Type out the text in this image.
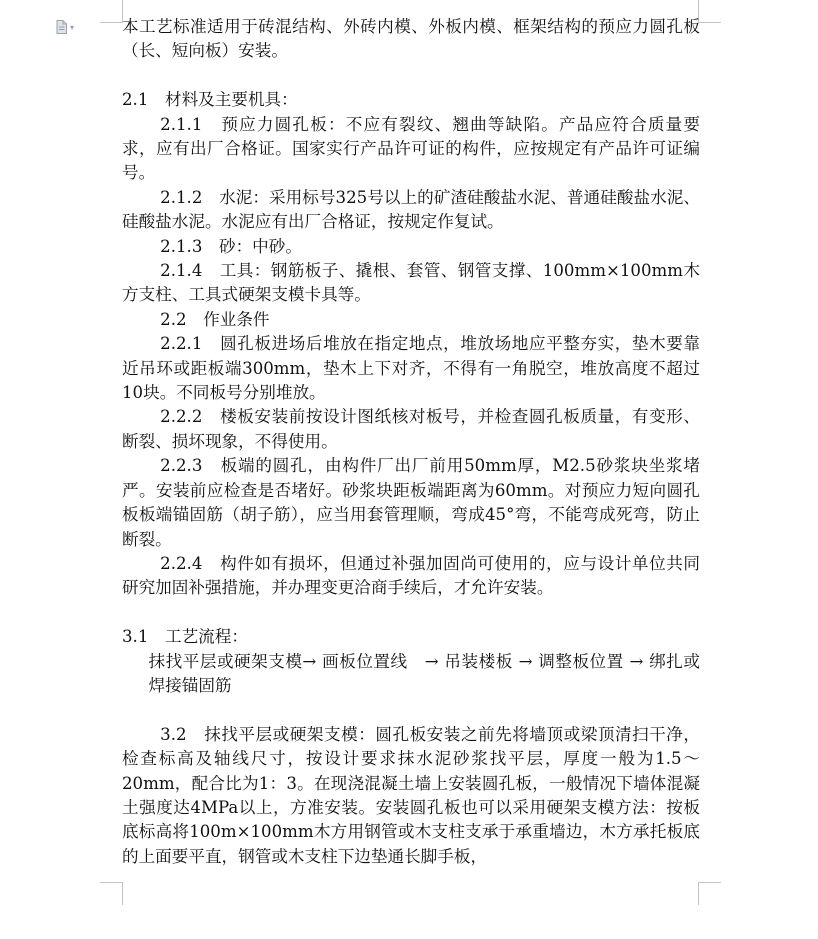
▾	本工艺标准适用于砖混结构、外砖内模、外板内模、框架结构的预应力圆孔板（长、短向板）安装。

2.1　材料及主要机具：

2.1.1　预应力圆孔板：不应有裂纹、翘曲等缺陷。产品应符合质量要求，应有出厂合格证。国家实行产品许可证的构件，应按规定有产品许可证编号。

2.1.2　水泥：采用标号325号以上的矿渣硅酸盐水泥、普通硅酸盐水泥、硅酸盐水泥。水泥应有出厂合格证，按规定作复试。

2.1.3　砂：中砂。

2.1.4　工具：钢筋板子、撬根、套管、钢管支撑、100mm×100mm木方支柱、工具式硬架支模卡具等。

2.2　作业条件

2.2.1　圆孔板进场后堆放在指定地点，堆放场地应平整夯实，垫木要靠近吊环或距板端300mm，垫木上下对齐，不得有一角脱空，堆放高度不超过10块。不同板号分别堆放。

2.2.2　楼板安装前按设计图纸核对板号，并检查圆孔板质量，有变形、断裂、损坏现象，不得使用。

2.2.3　板端的圆孔，由构件厂出厂前用50mm厚，M2.5砂浆块坐浆堵严。安装前应检查是否堵好。砂浆块距板端距离为60mm。对预应力短向圆孔板板端锚固筋（胡子筋），应当用套管理顺，弯成45°弯，不能弯成死弯，防止断裂。

2.2.4　构件如有损坏，但通过补强加固尚可使用的，应与设计单位共同研究加固补强措施，并办理变更洽商手续后，才允许安装。

3.1　工艺流程：

抹找平层或硬架支模→ 画板位置线　→ 吊装楼板 → 调整板位置 → 绑扎或焊接锚固筋

3.2　抹找平层或硬架支模：圆孔板安装之前先将墙顶或梁顶清扫干净，检查标高及轴线尺寸，按设计要求抹水泥砂浆找平层，厚度一般为1.5～20mm，配合比为1：3。在现浇混凝土墙上安装圆孔板，一般情况下墙体混凝土强度达4MPa以上，方准安装。安装圆孔板也可以采用硬架支模方法：按板底标高将100m×100mm木方用钢管或木支柱支承于承重墙边，木方承托板底的上面要平直，钢管或木支柱下边垫通长脚手板，
